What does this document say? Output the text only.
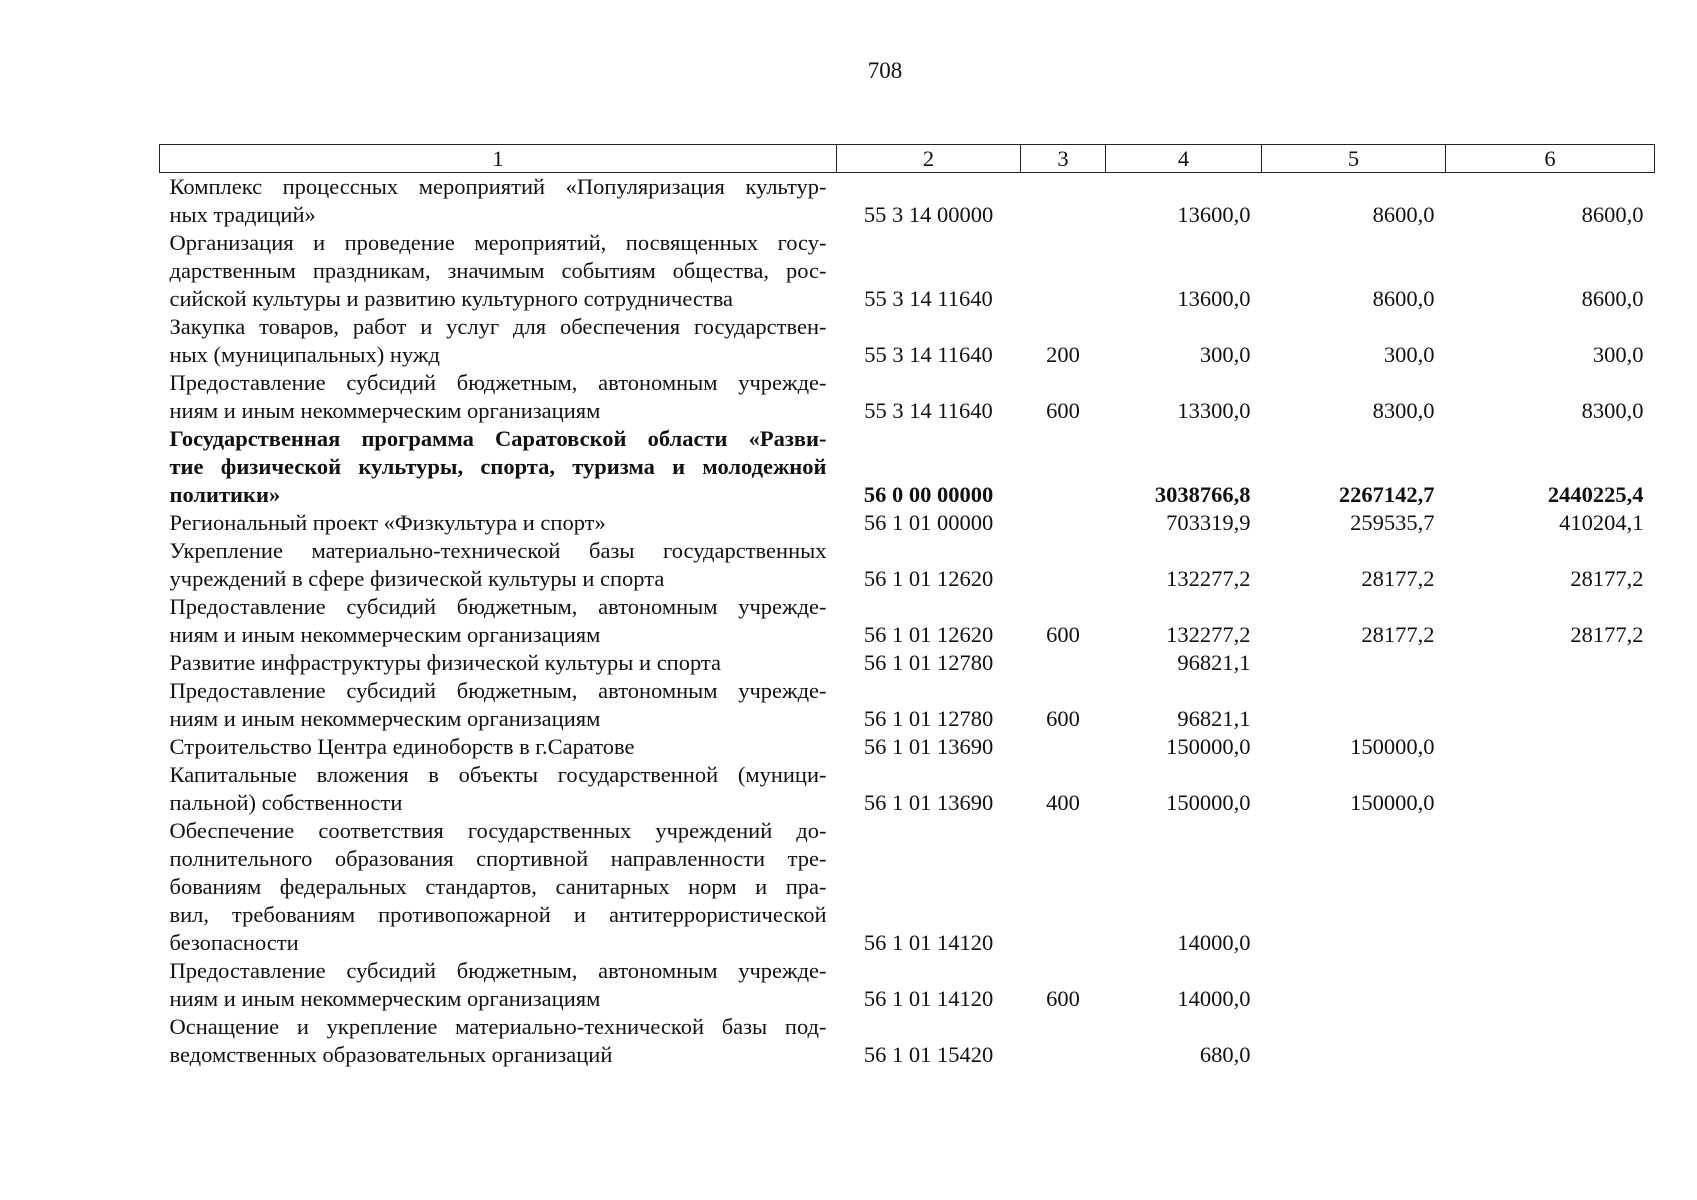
708
1	2	3	4	5	6

Комплекс процессных мероприятий «Популяризация культур-
ных традиций»	55 3 14 00000		13600,0	8600,0	8600,0

Организация и проведение мероприятий, посвященных госу-
дарственным праздникам, значимым событиям общества, рос-
сийской культуры и развитию культурного сотрудничества	55 3 14 11640		13600,0	8600,0	8600,0

Закупка товаров, работ и услуг для обеспечения государствен-
ных (муниципальных) нужд	55 3 14 11640	200	300,0	300,0	300,0

Предоставление субсидий бюджетным, автономным учрежде-
ниям и иным некоммерческим организациям	55 3 14 11640	600	13300,0	8300,0	8300,0

Государственная программа Саратовской области «Разви-
тие физической культуры, спорта, туризма и молодежной
политики»	56 0 00 00000		3038766,8	2267142,7	2440225,4

Региональный проект «Физкультура и спорт»	56 1 01 00000		703319,9	259535,7	410204,1

Укрепление материально-технической базы государственных
учреждений в сфере физической культуры и спорта	56 1 01 12620		132277,2	28177,2	28177,2

Предоставление субсидий бюджетным, автономным учрежде-
ниям и иным некоммерческим организациям	56 1 01 12620	600	132277,2	28177,2	28177,2

Развитие инфраструктуры физической культуры и спорта	56 1 01 12780		96821,1		

Предоставление субсидий бюджетным, автономным учрежде-
ниям и иным некоммерческим организациям	56 1 01 12780	600	96821,1		

Строительство Центра единоборств в г.Саратове	56 1 01 13690		150000,0	150000,0	

Капитальные вложения в объекты государственной (муници-
пальной) собственности	56 1 01 13690	400	150000,0	150000,0	

Обеспечение соответствия государственных учреждений до-
полнительного образования спортивной направленности тре-
бованиям федеральных стандартов, санитарных норм и пра-
вил, требованиям противопожарной и антитеррористической
безопасности	56 1 01 14120		14000,0		

Предоставление субсидий бюджетным, автономным учрежде-
ниям и иным некоммерческим организациям	56 1 01 14120	600	14000,0		

Оснащение и укрепление материально-технической базы под-
ведомственных образовательных организаций	56 1 01 15420		680,0		
